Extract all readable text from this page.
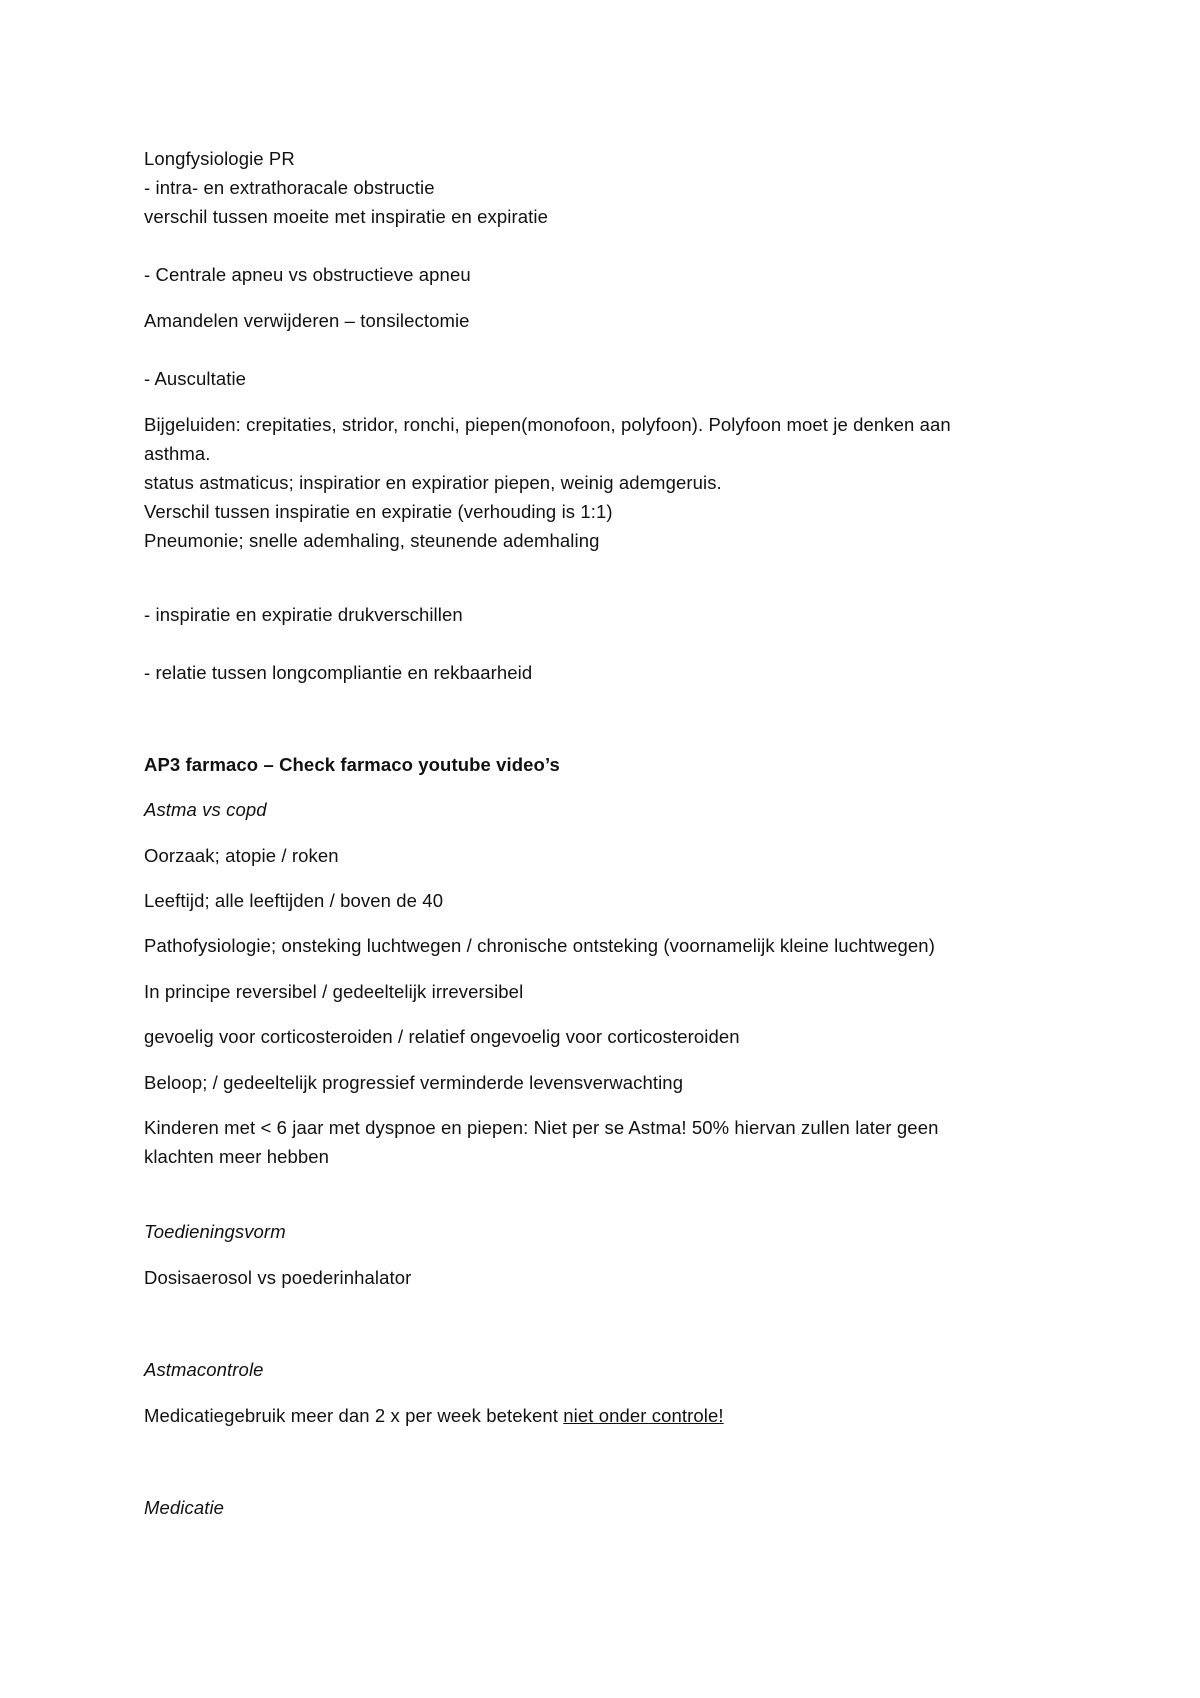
Longfysiologie PR
- intra- en extrathoracale obstructie
verschil tussen moeite met inspiratie en expiratie
- Centrale apneu vs obstructieve apneu
Amandelen verwijderen – tonsilectomie
- Auscultatie
Bijgeluiden: crepitaties, stridor, ronchi, piepen(monofoon, polyfoon). Polyfoon moet je denken aan
asthma.
status astmaticus; inspiratior en expiratior piepen, weinig ademgeruis.
Verschil tussen inspiratie en expiratie (verhouding is 1:1)
Pneumonie; snelle ademhaling, steunende ademhaling
- inspiratie en expiratie drukverschillen
- relatie tussen longcompliantie en rekbaarheid
AP3 farmaco – Check farmaco youtube video’s
Astma vs copd
Oorzaak; atopie / roken
Leeftijd; alle leeftijden / boven de 40
Pathofysiologie; onsteking luchtwegen / chronische ontsteking (voornamelijk kleine luchtwegen)
In principe reversibel / gedeeltelijk irreversibel
gevoelig voor corticosteroiden / relatief ongevoelig voor corticosteroiden
Beloop; / gedeeltelijk progressief verminderde levensverwachting
Kinderen met < 6 jaar met dyspnoe en piepen: Niet per se Astma! 50% hiervan zullen later geen
klachten meer hebben
Toedieningsvorm
Dosisaerosol vs poederinhalator
Astmacontrole
Medicatiegebruik meer dan 2 x per week betekent niet onder controle!
Medicatie
